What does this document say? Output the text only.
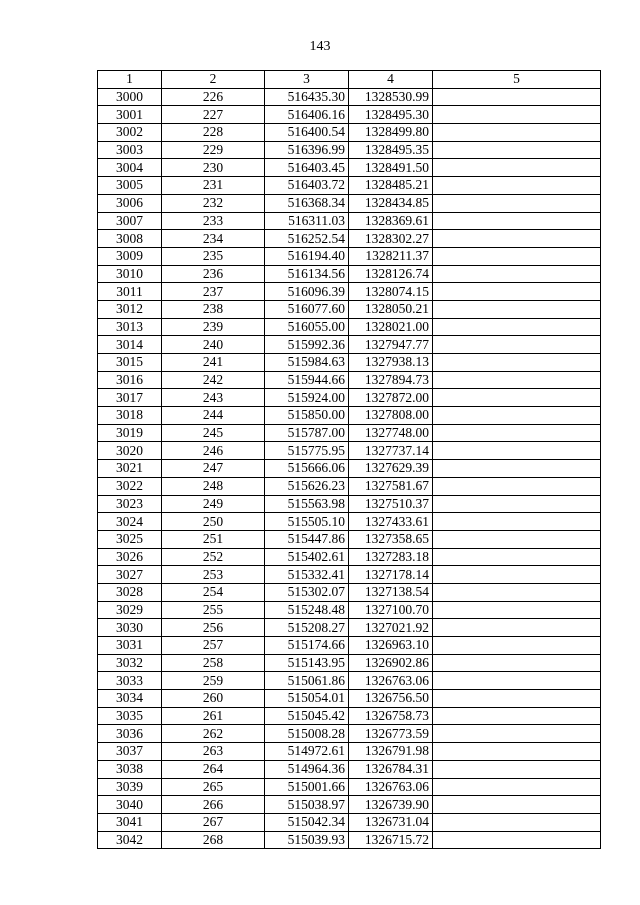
143
1	2	3	4	5
3000	226	516435.30	1328530.99	
3001	227	516406.16	1328495.30	
3002	228	516400.54	1328499.80	
3003	229	516396.99	1328495.35	
3004	230	516403.45	1328491.50	
3005	231	516403.72	1328485.21	
3006	232	516368.34	1328434.85	
3007	233	516311.03	1328369.61	
3008	234	516252.54	1328302.27	
3009	235	516194.40	1328211.37	
3010	236	516134.56	1328126.74	
3011	237	516096.39	1328074.15	
3012	238	516077.60	1328050.21	
3013	239	516055.00	1328021.00	
3014	240	515992.36	1327947.77	
3015	241	515984.63	1327938.13	
3016	242	515944.66	1327894.73	
3017	243	515924.00	1327872.00	
3018	244	515850.00	1327808.00	
3019	245	515787.00	1327748.00	
3020	246	515775.95	1327737.14	
3021	247	515666.06	1327629.39	
3022	248	515626.23	1327581.67	
3023	249	515563.98	1327510.37	
3024	250	515505.10	1327433.61	
3025	251	515447.86	1327358.65	
3026	252	515402.61	1327283.18	
3027	253	515332.41	1327178.14	
3028	254	515302.07	1327138.54	
3029	255	515248.48	1327100.70	
3030	256	515208.27	1327021.92	
3031	257	515174.66	1326963.10	
3032	258	515143.95	1326902.86	
3033	259	515061.86	1326763.06	
3034	260	515054.01	1326756.50	
3035	261	515045.42	1326758.73	
3036	262	515008.28	1326773.59	
3037	263	514972.61	1326791.98	
3038	264	514964.36	1326784.31	
3039	265	515001.66	1326763.06	
3040	266	515038.97	1326739.90	
3041	267	515042.34	1326731.04	
3042	268	515039.93	1326715.72	
